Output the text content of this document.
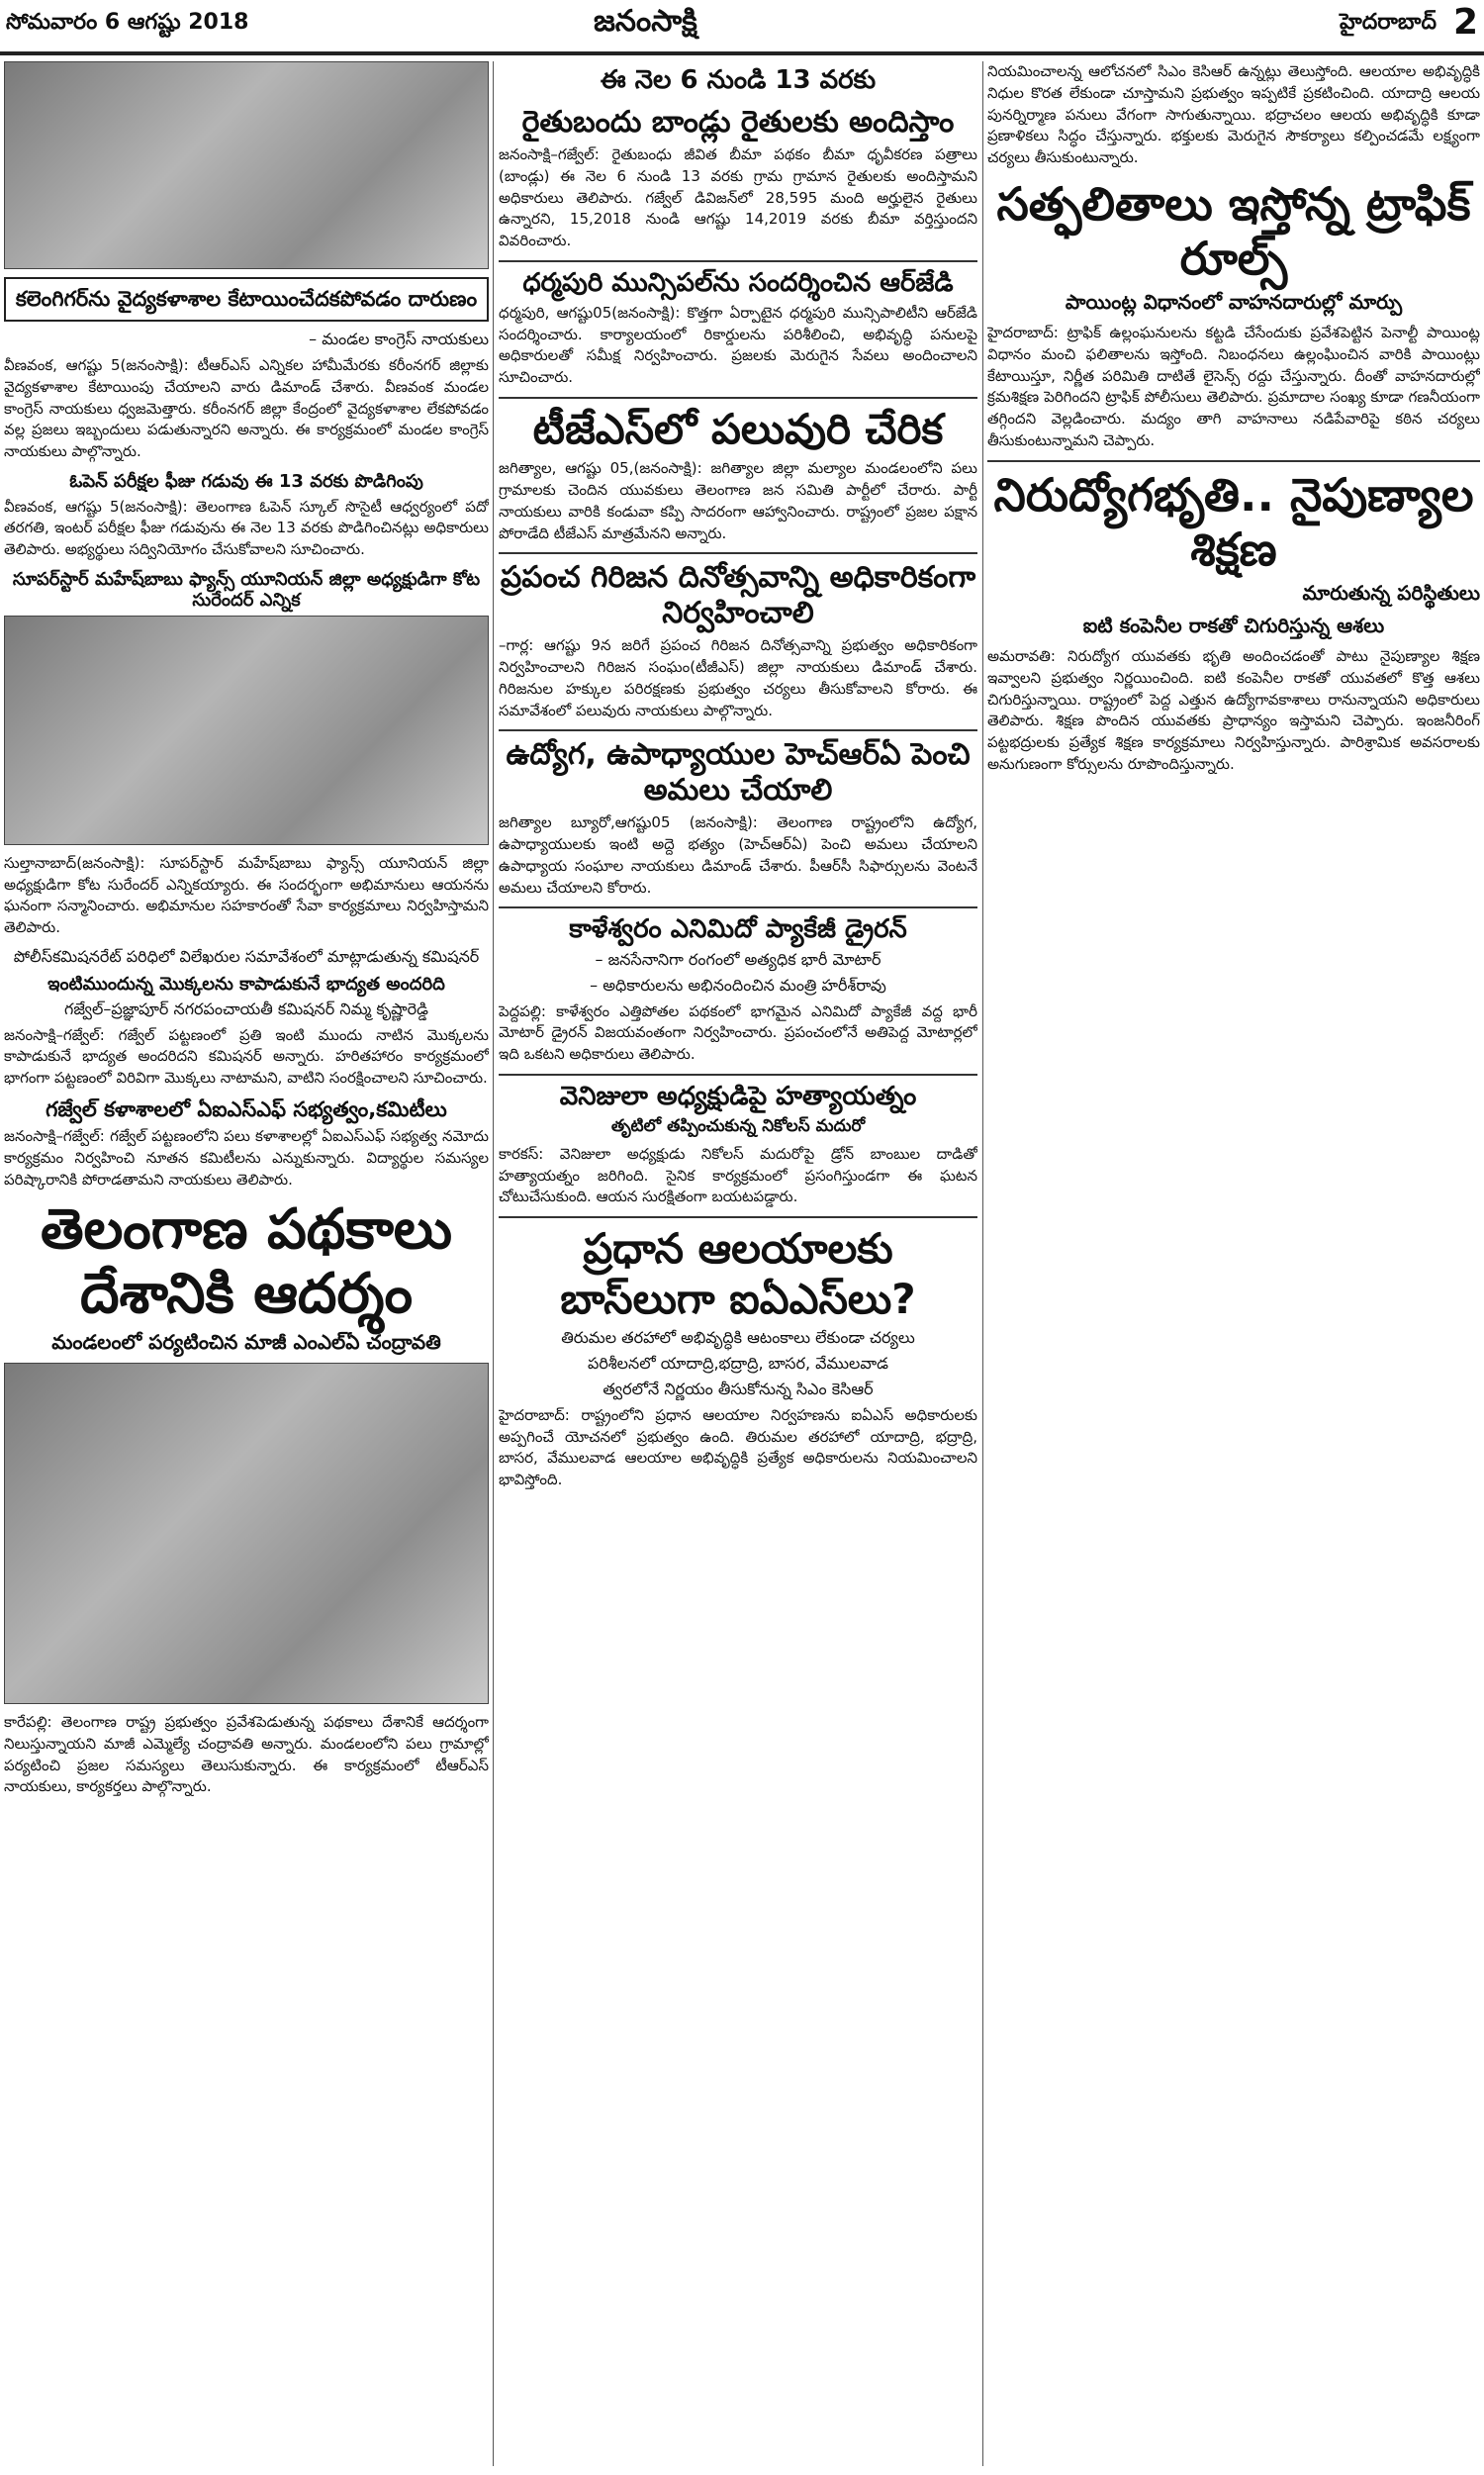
సోమవారం 6 ఆగష్టు 2018	జనంసాక్షి	హైదరాబాద్ 2
కలెంగిగర్‌ను వైద్యకళాశాల కేటాయించేదకపోవడం దారుణం
– మండల కాంగ్రెస్‌ నాయకులు
వీణవంక, ఆగష్టు 5(జనంసాక్షి): టీఆర్‌ఎస్‌ ఎన్నికల హామీమేరకు కరీంనగర్‌ జిల్లాకు వైద్యకళాశాల కేటాయింపు చేయాలని వారు డిమాండ్‌ చేశారు. వీణవంక మండల కాంగ్రెస్‌ నాయకులు ధ్వజమెత్తారు. కరీంనగర్‌ జిల్లా కేంద్రంలో వైద్యకళాశాల లేకపోవడం వల్ల ప్రజలు ఇబ్బందులు పడుతున్నారని అన్నారు. ఈ కార్యక్రమంలో మండల కాంగ్రెస్‌ నాయకులు పాల్గొన్నారు.
ఓపెన్‌ పరీక్షల ఫీజు గడువు ఈ 13 వరకు పొడిగింపు
వీణవంక, ఆగష్టు 5(జనంసాక్షి): తెలంగాణ ఓపెన్‌ స్కూల్‌ సొసైటీ ఆధ్వర్యంలో పదో తరగతి, ఇంటర్‌ పరీక్షల ఫీజు గడువును ఈ నెల 13 వరకు పొడిగించినట్లు అధికారులు తెలిపారు. అభ్యర్థులు సద్వినియోగం చేసుకోవాలని సూచించారు.
సూపర్‌స్టార్‌ మహేష్‌బాబు ఫ్యాన్స్‌ యూనియన్‌ జిల్లా అధ్యక్షుడిగా కోట సురేందర్‌ ఎన్నిక
సుల్తానాబాద్‌(జనంసాక్షి): సూపర్‌స్టార్‌ మహేష్‌బాబు ఫ్యాన్స్‌ యూనియన్‌ జిల్లా అధ్యక్షుడిగా కోట సురేందర్‌ ఎన్నికయ్యారు. ఈ సందర్భంగా అభిమానులు ఆయనను ఘనంగా సన్మానించారు. అభిమానుల సహకారంతో సేవా కార్యక్రమాలు నిర్వహిస్తామని తెలిపారు.
పోలీస్‌కమిషనరేట్‌ పరిధిలో విలేఖరుల సమావేశంలో మాట్లాడుతున్న కమిషనర్‌
ఇంటిముందున్న మొక్కలను కాపాడుకునే భాద్యత అందరిది
గజ్వేల్‌–ప్రజ్ఞాపూర్‌ నగరపంచాయతీ కమిషనర్‌ నిమ్మ కృష్ణారెడ్డి
జనంసాక్షి–గజ్వేల్‌: గజ్వేల్‌ పట్టణంలో ప్రతి ఇంటి ముందు నాటిన మొక్కలను కాపాడుకునే భాద్యత అందరిదని కమిషనర్‌ అన్నారు. హరితహారం కార్యక్రమంలో భాగంగా పట్టణంలో విరివిగా మొక్కలు నాటామని, వాటిని సంరక్షించాలని సూచించారు.
గజ్వేల్‌ కళాశాలలో ఏఐఎస్‌ఎఫ్‌ సభ్యత్వం,కమిటీలు
జనంసాక్షి–గజ్వేల్‌: గజ్వేల్‌ పట్టణంలోని పలు కళాశాలల్లో ఏఐఎస్‌ఎఫ్‌ సభ్యత్వ నమోదు కార్యక్రమం నిర్వహించి నూతన కమిటీలను ఎన్నుకున్నారు. విద్యార్థుల సమస్యల పరిష్కారానికి పోరాడతామని నాయకులు తెలిపారు.
తెలంగాణ పథకాలు దేశానికి ఆదర్శం
మండలంలో పర్యటించిన మాజీ ఎంఎల్‌ఏ చంద్రావతి
కారేపల్లి: తెలంగాణ రాష్ట్ర ప్రభుత్వం ప్రవేశపెడుతున్న పథకాలు దేశానికే ఆదర్శంగా నిలుస్తున్నాయని మాజీ ఎమ్మెల్యే చంద్రావతి అన్నారు. మండలంలోని పలు గ్రామాల్లో పర్యటించి ప్రజల సమస్యలు తెలుసుకున్నారు. ఈ కార్యక్రమంలో టీఆర్‌ఎస్‌ నాయకులు, కార్యకర్తలు పాల్గొన్నారు.
ఈ నెల 6 నుండి 13 వరకు
రైతుబందు బాండ్లు రైతులకు అందిస్తాం
జనంసాక్షి–గజ్వేల్‌: రైతుబంధు జీవిత బీమా పథకం బీమా ధృవీకరణ పత్రాలు (బాండ్లు) ఈ నెల 6 నుండి 13 వరకు గ్రామ గ్రామాన రైతులకు అందిస్తామని అధికారులు తెలిపారు. గజ్వేల్‌ డివిజన్‌లో 28,595 మంది అర్హులైన రైతులు ఉన్నారని, 15,2018 నుండి ఆగష్టు 14,2019 వరకు బీమా వర్తిస్తుందని వివరించారు.
ధర్మపురి మున్సిపల్‌ను సందర్శించిన ఆర్‌జేడి
ధర్మపురి, ఆగష్టు05(జనంసాక్షి): కొత్తగా ఏర్పాటైన ధర్మపురి మున్సిపాలిటీని ఆర్‌జేడి సందర్శించారు. కార్యాలయంలో రికార్డులను పరిశీలించి, అభివృద్ధి పనులపై అధికారులతో సమీక్ష నిర్వహించారు. ప్రజలకు మెరుగైన సేవలు అందించాలని సూచించారు.
టీజేఎస్‌లో పలువురి చేరిక
జగిత్యాల, ఆగష్టు 05,(జనంసాక్షి): జగిత్యాల జిల్లా మల్యాల మండలంలోని పలు గ్రామాలకు చెందిన యువకులు తెలంగాణ జన సమితి పార్టీలో చేరారు. పార్టీ నాయకులు వారికి కండువా కప్పి సాదరంగా ఆహ్వానించారు. రాష్ట్రంలో ప్రజల పక్షాన పోరాడేది టీజేఎస్‌ మాత్రమేనని అన్నారు.
ప్రపంచ గిరిజన దినోత్సవాన్ని అధికారికంగా నిర్వహించాలి
–గార్ల: ఆగష్టు 9న జరిగే ప్రపంచ గిరిజన దినోత్సవాన్ని ప్రభుత్వం అధికారికంగా నిర్వహించాలని గిరిజన సంఘం(టీజీఎస్‌) జిల్లా నాయకులు డిమాండ్‌ చేశారు. గిరిజనుల హక్కుల పరిరక్షణకు ప్రభుత్వం చర్యలు తీసుకోవాలని కోరారు. ఈ సమావేశంలో పలువురు నాయకులు పాల్గొన్నారు.
ఉద్యోగ, ఉపాధ్యాయుల హెచ్‌ఆర్‌ఏ పెంచి అమలు చేయాలి
జగిత్యాల బ్యూరో,ఆగష్టు05 (జనంసాక్షి): తెలంగాణ రాష్ట్రంలోని ఉద్యోగ, ఉపాధ్యాయులకు ఇంటి అద్దె భత్యం (హెచ్‌ఆర్‌ఏ) పెంచి అమలు చేయాలని ఉపాధ్యాయ సంఘాల నాయకులు డిమాండ్‌ చేశారు. పీఆర్‌సీ సిఫార్సులను వెంటనే అమలు చేయాలని కోరారు.
కాళేశ్వరం ఎనిమిదో ప్యాకేజీ డ్రైరన్‌
– జనసేనానిగా రంగంలో అత్యధిక భారీ మోటార్‌
– అధికారులను అభినందించిన మంత్రి హరీశ్‌రావు
పెద్దపల్లి: కాళేశ్వరం ఎత్తిపోతల పథకంలో భాగమైన ఎనిమిదో ప్యాకేజీ వద్ద భారీ మోటార్‌ డ్రైరన్‌ విజయవంతంగా నిర్వహించారు. ప్రపంచంలోనే అతిపెద్ద మోటార్లలో ఇది ఒకటని అధికారులు తెలిపారు.
వెనిజులా అధ్యక్షుడిపై హత్యాయత్నం
తృటిలో తప్పించుకున్న నికోలస్‌ మదురో
కారకస్‌: వెనిజులా అధ్యక్షుడు నికోలస్‌ మదురోపై డ్రోన్‌ బాంబుల దాడితో హత్యాయత్నం జరిగింది. సైనిక కార్యక్రమంలో ప్రసంగిస్తుండగా ఈ ఘటన చోటుచేసుకుంది. ఆయన సురక్షితంగా బయటపడ్డారు.
ప్రధాన ఆలయాలకు బాస్‌లుగా ఐఏఎస్‌లు?
తిరుమల తరహాలో అభివృద్ధికి ఆటంకాలు లేకుండా చర్యలు
పరిశీలనలో యాదాద్రి,భద్రాద్రి, బాసర, వేములవాడ
త్వరలోనే నిర్ణయం తీసుకోనున్న సిఎం కెసిఆర్‌
హైదరాబాద్‌: రాష్ట్రంలోని ప్రధాన ఆలయాల నిర్వహణను ఐఏఎస్‌ అధికారులకు అప్పగించే యోచనలో ప్రభుత్వం ఉంది. తిరుమల తరహాలో యాదాద్రి, భద్రాద్రి, బాసర, వేములవాడ ఆలయాల అభివృద్ధికి ప్రత్యేక అధికారులను నియమించాలని భావిస్తోంది.
నియమించాలన్న ఆలోచనలో సిఎం కెసిఆర్‌ ఉన్నట్లు తెలుస్తోంది. ఆలయాల అభివృద్ధికి నిధుల కొరత లేకుండా చూస్తామని ప్రభుత్వం ఇప్పటికే ప్రకటించింది. యాదాద్రి ఆలయ పునర్నిర్మాణ పనులు వేగంగా సాగుతున్నాయి. భద్రాచలం ఆలయ అభివృద్ధికి కూడా ప్రణాళికలు సిద్ధం చేస్తున్నారు. భక్తులకు మెరుగైన సౌకర్యాలు కల్పించడమే లక్ష్యంగా చర్యలు తీసుకుంటున్నారు.
సత్ఫలితాలు ఇస్తోన్న ట్రాఫిక్‌ రూల్స్‌
పాయింట్ల విధానంలో వాహనదారుల్లో మార్పు
హైదరాబాద్‌: ట్రాఫిక్‌ ఉల్లంఘనులను కట్టడి చేసేందుకు ప్రవేశపెట్టిన పెనాల్టీ పాయింట్ల విధానం మంచి ఫలితాలను ఇస్తోంది. నిబంధనలు ఉల్లంఘించిన వారికి పాయింట్లు కేటాయిస్తూ, నిర్ణీత పరిమితి దాటితే లైసెన్స్‌ రద్దు చేస్తున్నారు. దీంతో వాహనదారుల్లో క్రమశిక్షణ పెరిగిందని ట్రాఫిక్‌ పోలీసులు తెలిపారు. ప్రమాదాల సంఖ్య కూడా గణనీయంగా తగ్గిందని వెల్లడించారు. మద్యం తాగి వాహనాలు నడిపేవారిపై కఠిన చర్యలు తీసుకుంటున్నామని చెప్పారు.
నిరుద్యోగభృతి.. నైపుణ్యాల శిక్షణ
మారుతున్న పరిస్థితులు
ఐటి కంపెనీల రాకతో చిగురిస్తున్న ఆశలు
అమరావతి: నిరుద్యోగ యువతకు భృతి అందించడంతో పాటు నైపుణ్యాల శిక్షణ ఇవ్వాలని ప్రభుత్వం నిర్ణయించింది. ఐటి కంపెనీల రాకతో యువతలో కొత్త ఆశలు చిగురిస్తున్నాయి. రాష్ట్రంలో పెద్ద ఎత్తున ఉద్యోగావకాశాలు రానున్నాయని అధికారులు తెలిపారు. శిక్షణ పొందిన యువతకు ప్రాధాన్యం ఇస్తామని చెప్పారు. ఇంజనీరింగ్‌ పట్టభద్రులకు ప్రత్యేక శిక్షణ కార్యక్రమాలు నిర్వహిస్తున్నారు. పారిశ్రామిక అవసరాలకు అనుగుణంగా కోర్సులను రూపొందిస్తున్నారు.
